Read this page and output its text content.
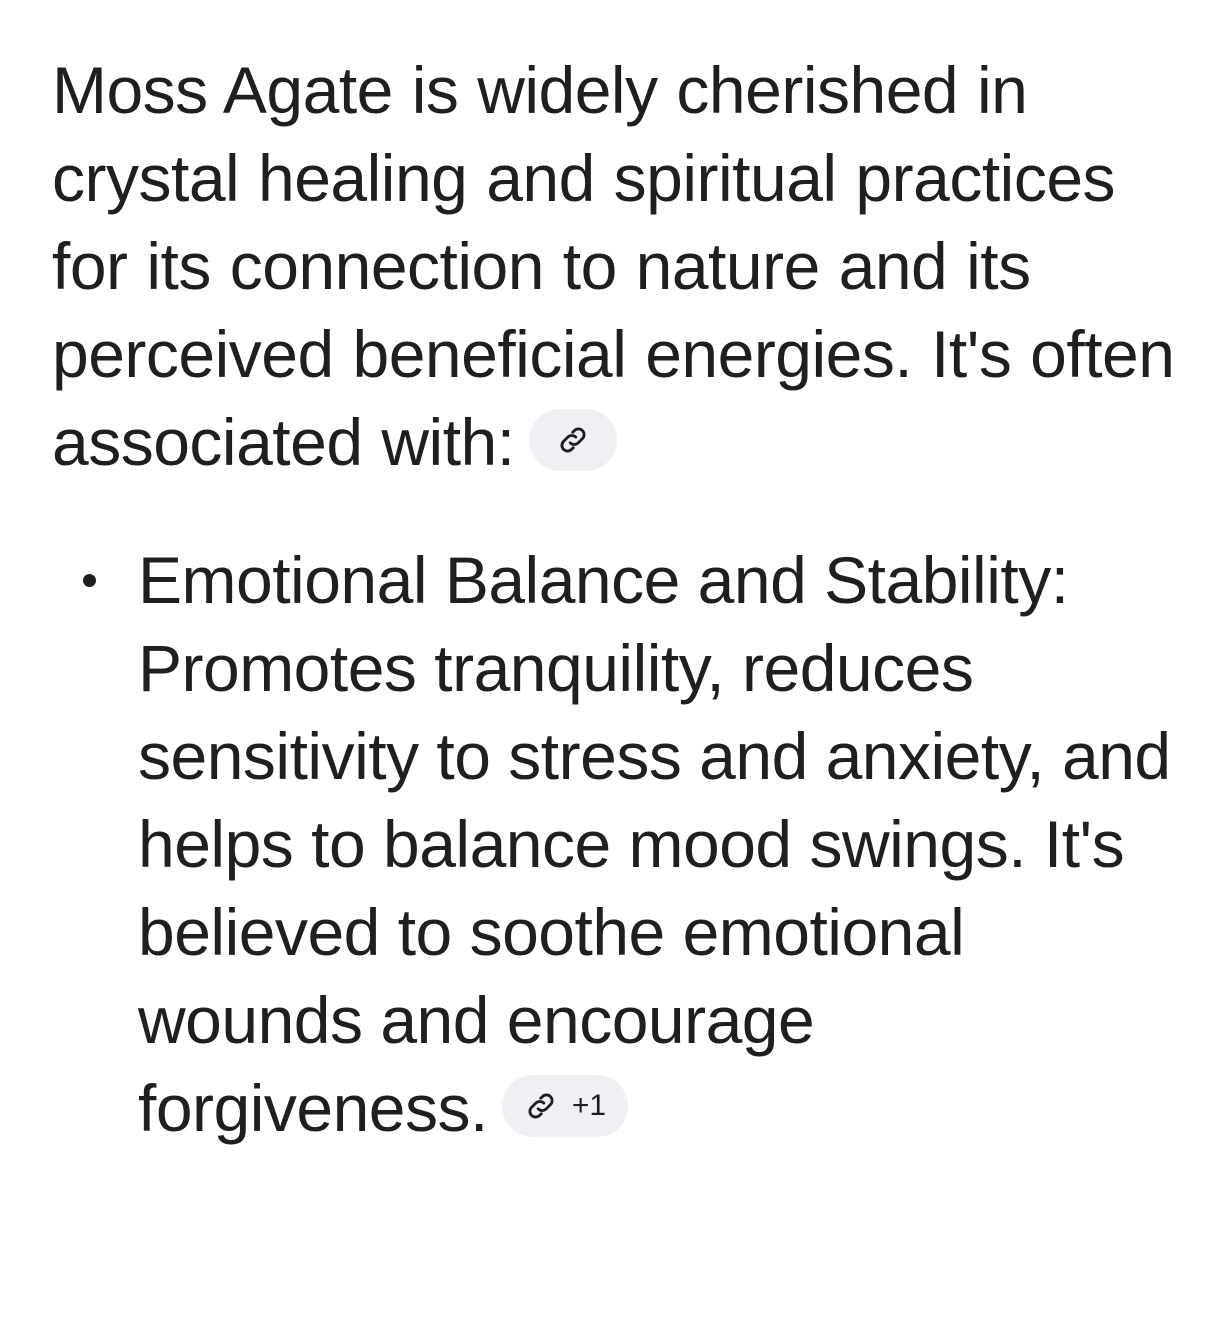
Moss Agate is widely cherished in crystal healing and spiritual practices for its connection to nature and its perceived beneficial energies. It's often associated with:

Emotional Balance and Stability: Promotes tranquility, reduces sensitivity to stress and anxiety, and helps to balance mood swings. It's believed to soothe emotional wounds and encourage forgiveness.	+1
